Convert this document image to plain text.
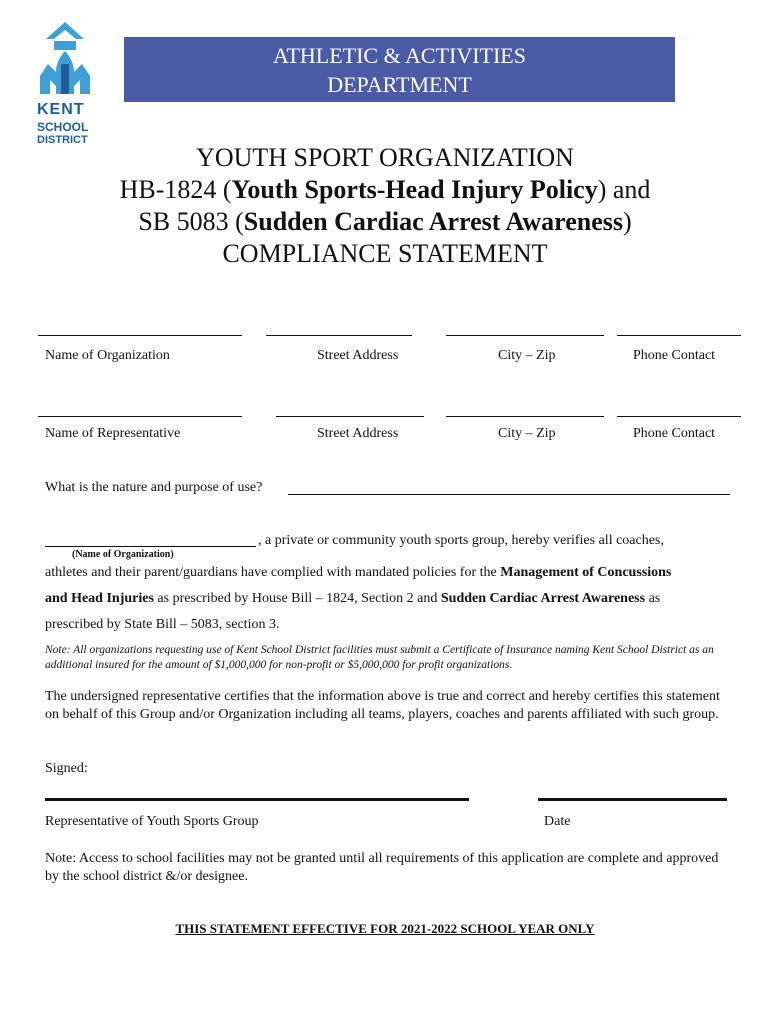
KENT
SCHOOL
DISTRICT
ATHLETIC & ACTIVITIES
DEPARTMENT
YOUTH SPORT ORGANIZATION
HB-1824 (Youth Sports-Head Injury Policy) and
SB 5083 (Sudden Cardiac Arrest Awareness)
COMPLIANCE STATEMENT
Name of Organization	Street Address	City – Zip	Phone Contact
Name of Representative	Street Address	City – Zip	Phone Contact
What is the nature and purpose of use?
, a private or community youth sports group, hereby verifies all coaches,
(Name of Organization)
athletes and their parent/guardians have complied with mandated policies for the Management of Concussions
and Head Injuries as prescribed by House Bill – 1824, Section 2 and Sudden Cardiac Arrest Awareness as
prescribed by State Bill – 5083, section 3.
Note: All organizations requesting use of Kent School District facilities must submit a Certificate of Insurance naming Kent School District as an additional insured for the amount of $1,000,000 for non-profit or $5,000,000 for profit organizations.
The undersigned representative certifies that the information above is true and correct and hereby certifies this statement on behalf of this Group and/or Organization including all teams, players, coaches and parents affiliated with such group.
Signed:
Representative of Youth Sports Group	Date
Note: Access to school facilities may not be granted until all requirements of this application are complete and approved by the school district &/or designee.
THIS STATEMENT EFFECTIVE FOR 2021-2022 SCHOOL YEAR ONLY
